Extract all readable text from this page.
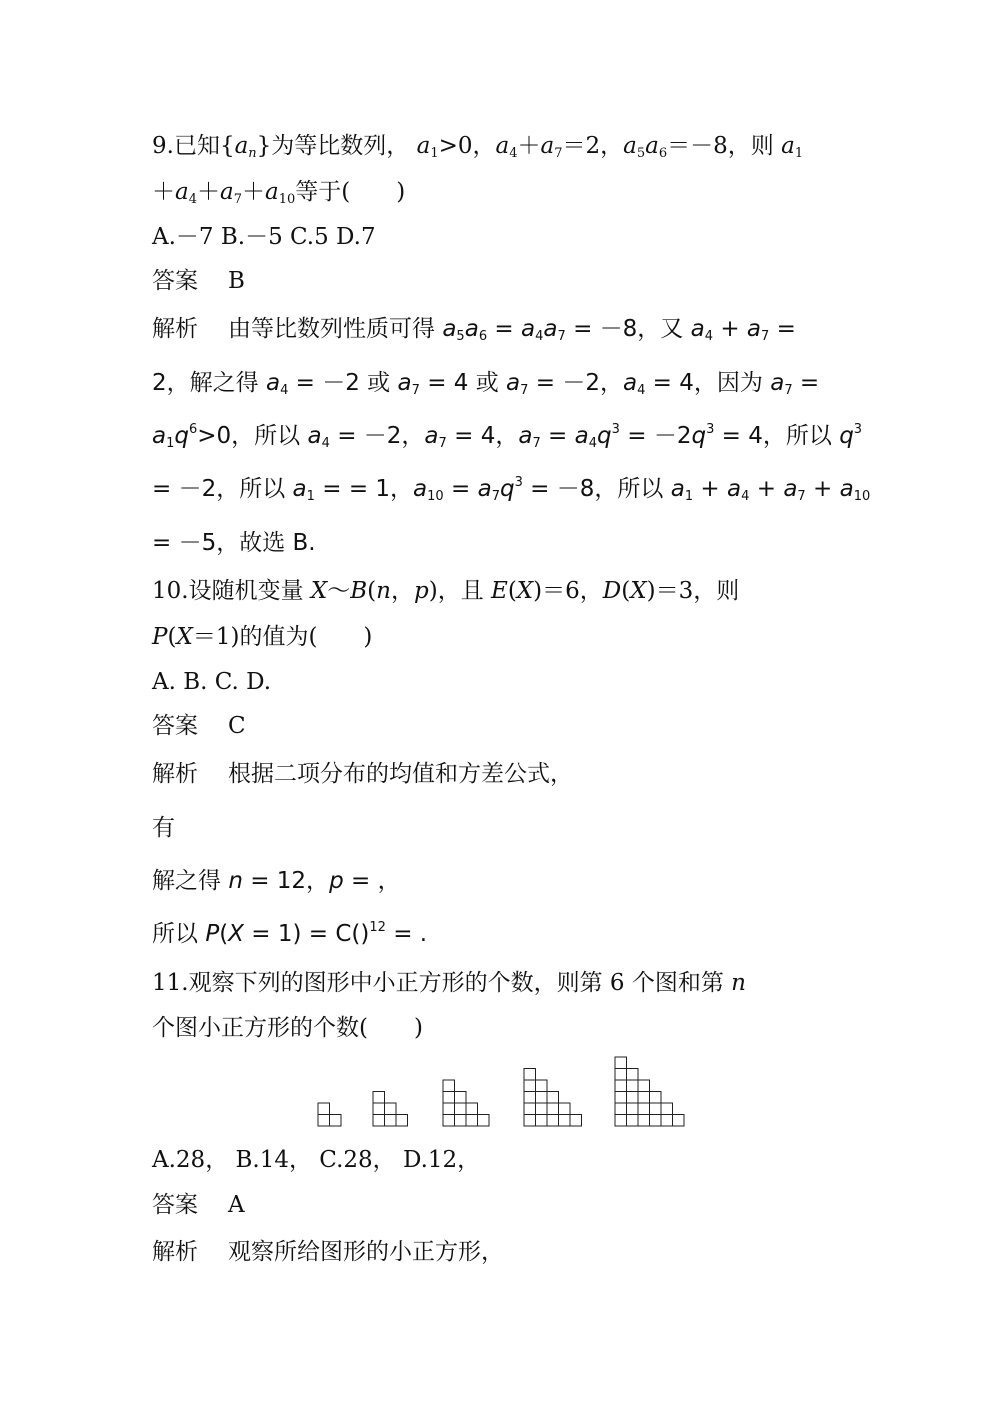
9.已知$\{a_n\}$为等比数列， $a_1>0$，$a_4+a_7=2$，$a_5a_6=-8$，则 $a_1$
$+a_4+a_7+a_{10}$等于(　　)
A.－7 B.－5 C.5 D.7
答案 B
解析 由等比数列性质可得 $a_5a_6 = a_4a_7 = -8$，又 $a_4 + a_7$ =
2，解之得 $a_4 = -2$ 或 $a_7 = 4$ 或 $a_7 = -2$，$a_4 = 4$，因为 $a_7$ =
$a_1q^6>0$，所以 $a_4 = -2$，$a_7 = 4$，$a_7 = a_4q^3 = -2q^3 = 4$，所以 $q^3$
= －2，所以 $a_1$ = = 1，$a_{10} = a_7q^3 = -8$，所以 $a_1 + a_4 + a_7 + a_{10}$
= －5，故选 B.
10.设随机变量 X～B(n，p)，且 E(X)＝6，D(X)＝3，则
P(X＝1)的值为(　　)
A. B. C. D.
答案 C
解析 根据二项分布的均值和方差公式，
有
解之得 n = 12，p = ，
所以 P(X = 1) = C()$^{12}$ = .
11.观察下列的图形中小正方形的个数，则第 6 个图和第 n
个图小正方形的个数(　　)
A.28， B.14， C.28， D.12，
答案 A
解析 观察所给图形的小正方形，
